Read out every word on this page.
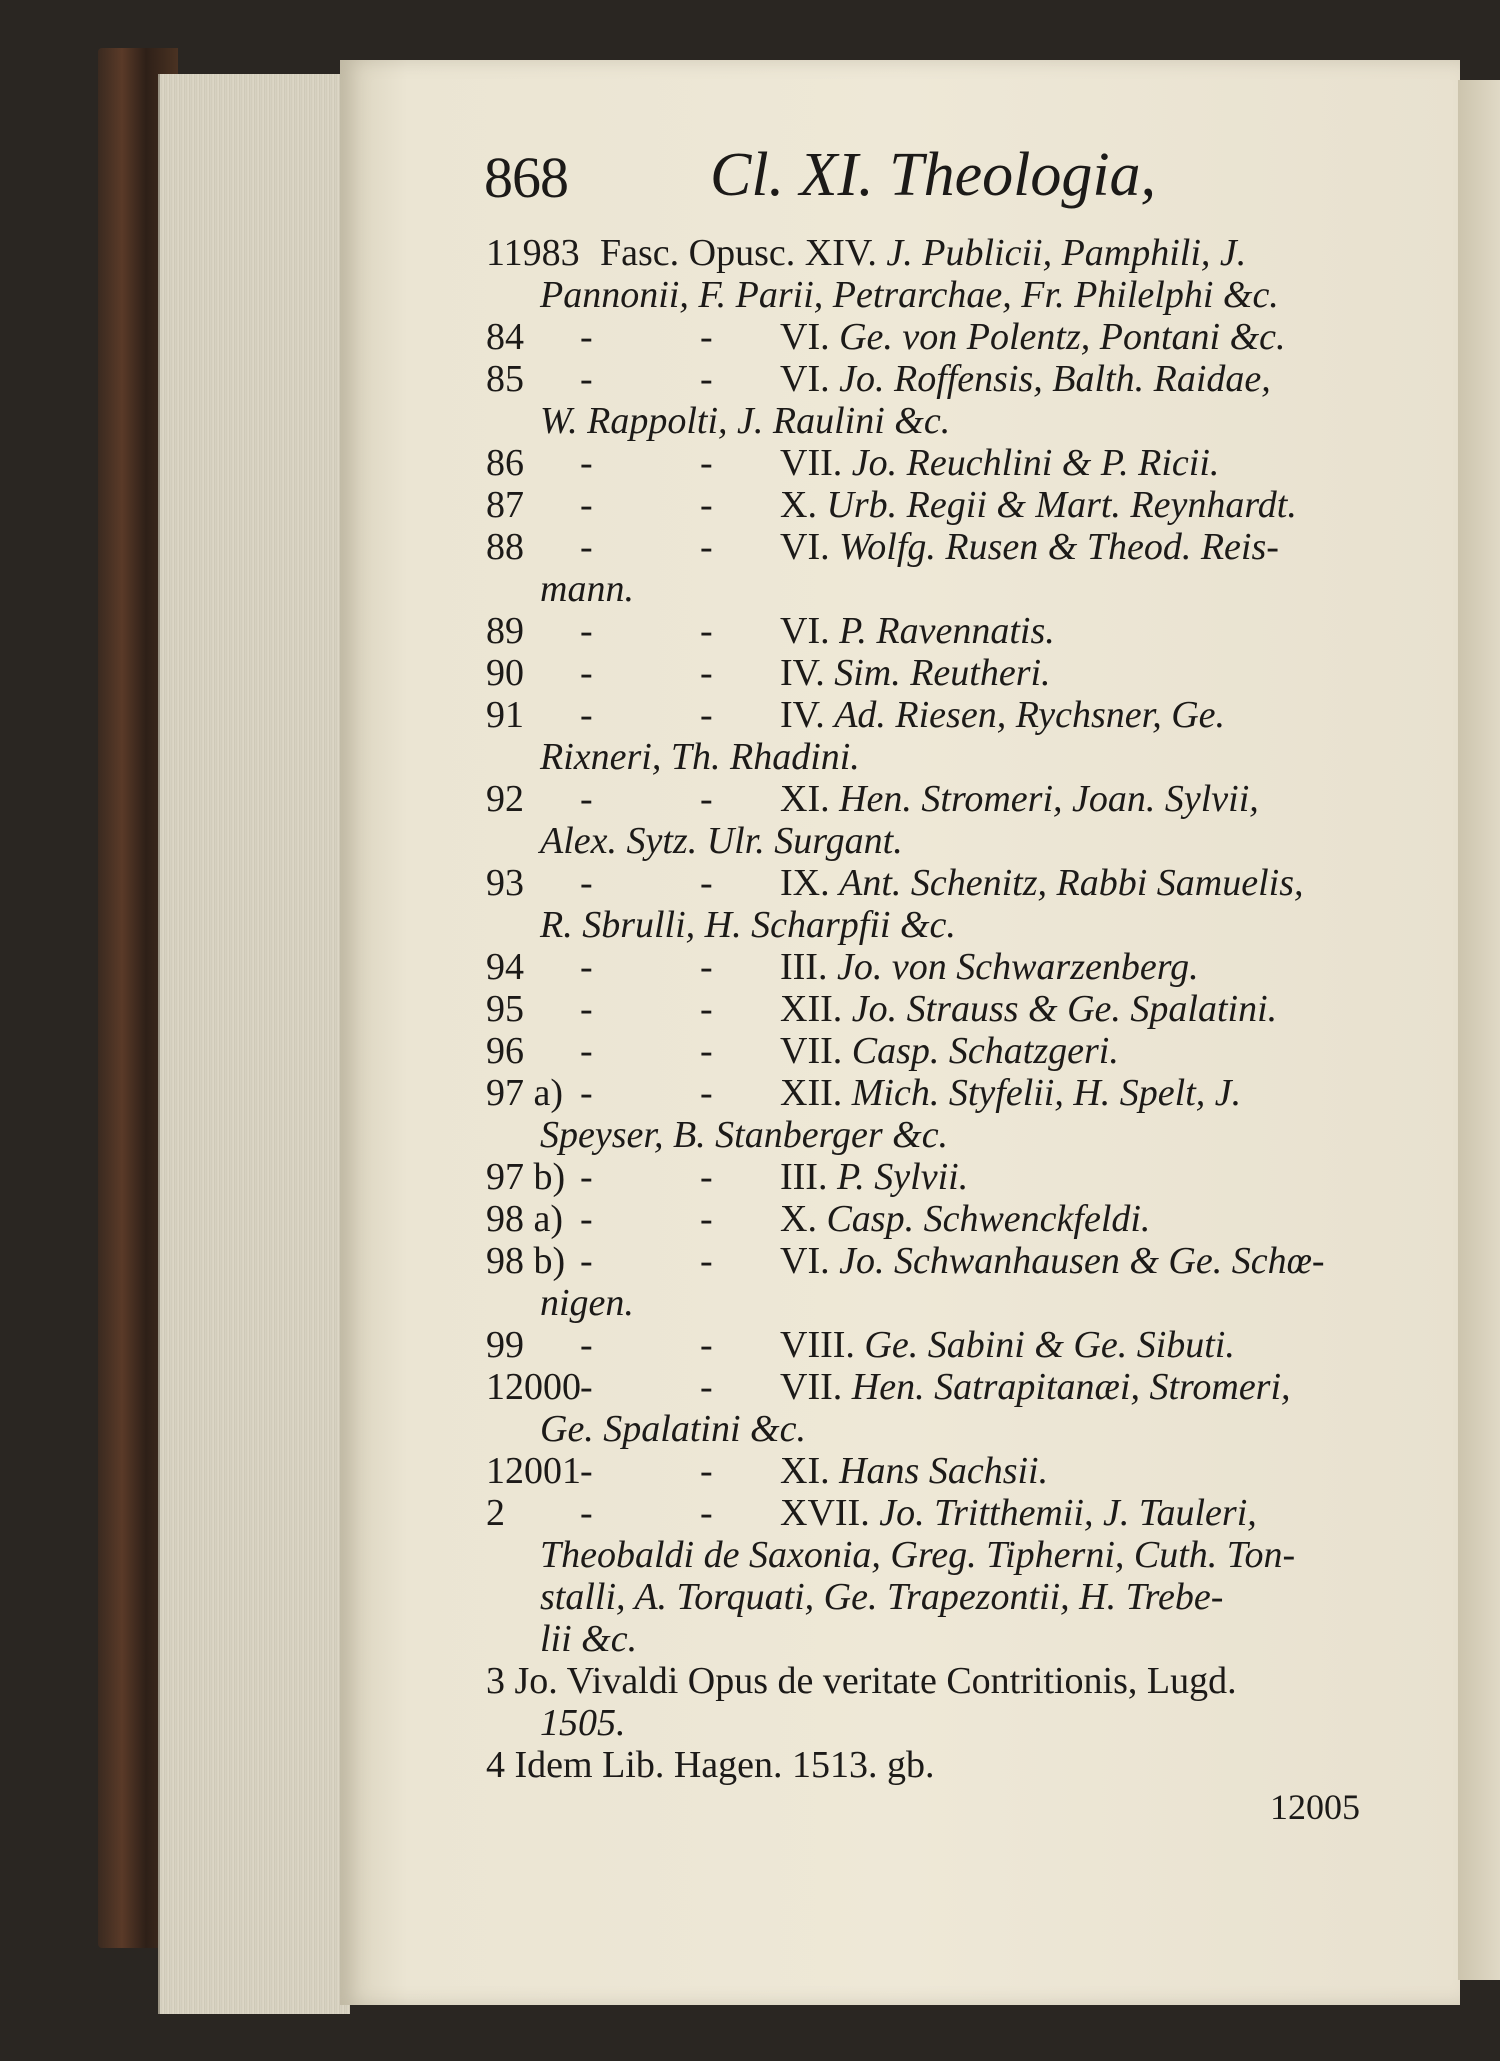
868 Cl. XI. Theologia,
11983 Fasc. Opusc. XIV. J. Publicii, Pamphili, J.
Pannonii, F. Parii, Petrarchae, Fr. Philelphi &c.
84 -	- VI. Ge. von Polentz, Pontani &c.
85 -	- VI. Jo. Roffensis, Balth. Raidae,
W. Rappolti, J. Raulini &c.
86 -	- VII. Jo. Reuchlini & P. Ricii.
87 -	- X. Urb. Regii & Mart. Reynhardt.
88 -	- VI. Wolfg. Rusen & Theod. Reis-
mann.
89 -	- VI. P. Ravennatis.
90 -	- IV. Sim. Reutheri.
91 -	- IV. Ad. Riesen, Rychsner, Ge.
Rixneri, Th. Rhadini.
92 -	- XI. Hen. Stromeri, Joan. Sylvii,
Alex. Sytz. Ulr. Surgant.
93 -	- IX. Ant. Schenitz, Rabbi Samuelis,
R. Sbrulli, H. Scharpfii &c.
94 -	- III. Jo. von Schwarzenberg.
95 -	- XII. Jo. Strauss & Ge. Spalatini.
96 -	- VII. Casp. Schatzgeri.
97 a) -	- XII. Mich. Styfelii, H. Spelt, J.
Speyser, B. Stanberger &c.
97 b) -	- III. P. Sylvii.
98 a) -	- X. Casp. Schwenckfeldi.
98 b) -	- VI. Jo. Schwanhausen & Ge. Schœ-
nigen.
99 -	- VIII. Ge. Sabini & Ge. Sibuti.
12000 -	- VII. Hen. Satrapitanæi, Stromeri,
Ge. Spalatini &c.
12001 -	- XI. Hans Sachsii.
2 -	- XVII. Jo. Tritthemii, J. Tauleri,
Theobaldi de Saxonia, Greg. Tipherni, Cuth. Ton-
stalli, A. Torquati, Ge. Trapezontii, H. Trebe-
lii &c.
3 Jo. Vivaldi Opus de veritate Contritionis, Lugd.
1505.
4 Idem Lib. Hagen. 1513. gb.
12005
